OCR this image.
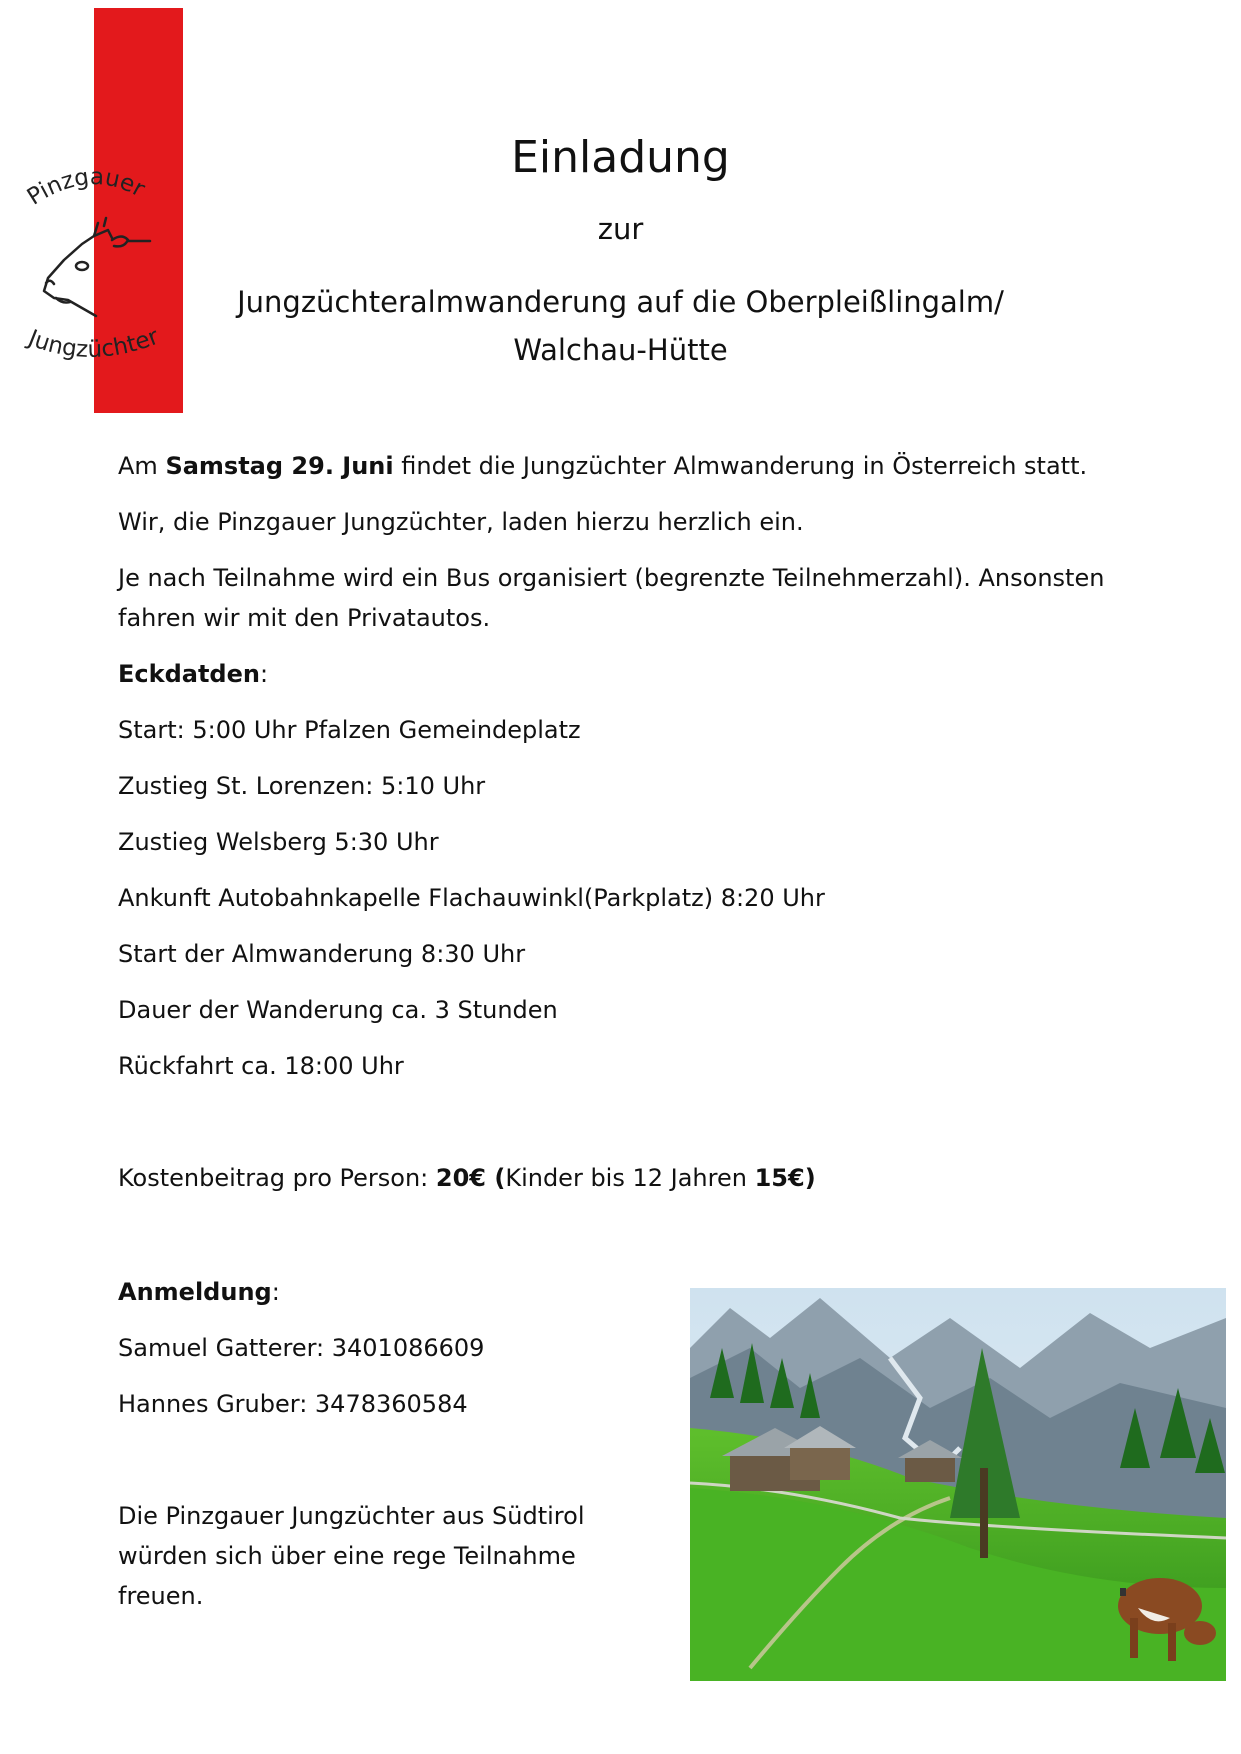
Pinzgauer
Jungzüchter
Einladung
zur
Jungzüchteralmwanderung auf die Oberpleißlingalm/
Walchau-Hütte
Am Samstag 29. Juni findet die Jungzüchter Almwanderung in Österreich statt.
Wir, die Pinzgauer Jungzüchter, laden hierzu herzlich ein.
Je nach Teilnahme wird ein Bus organisiert (begrenzte Teilnehmerzahl). Ansonsten
fahren wir mit den Privatautos.
Eckdatden:
Start: 5:00 Uhr Pfalzen Gemeindeplatz
Zustieg St. Lorenzen: 5:10 Uhr
Zustieg Welsberg 5:30 Uhr
Ankunft Autobahnkapelle Flachauwinkl(Parkplatz) 8:20 Uhr
Start der Almwanderung 8:30 Uhr
Dauer der Wanderung ca. 3 Stunden
Rückfahrt ca. 18:00 Uhr
Kostenbeitrag pro Person: 20€ (Kinder bis 12 Jahren 15€)
Anmeldung:
Samuel Gatterer: 3401086609
Hannes Gruber: 3478360584
Die Pinzgauer Jungzüchter aus Südtirol
würden sich über eine rege Teilnahme
freuen.
